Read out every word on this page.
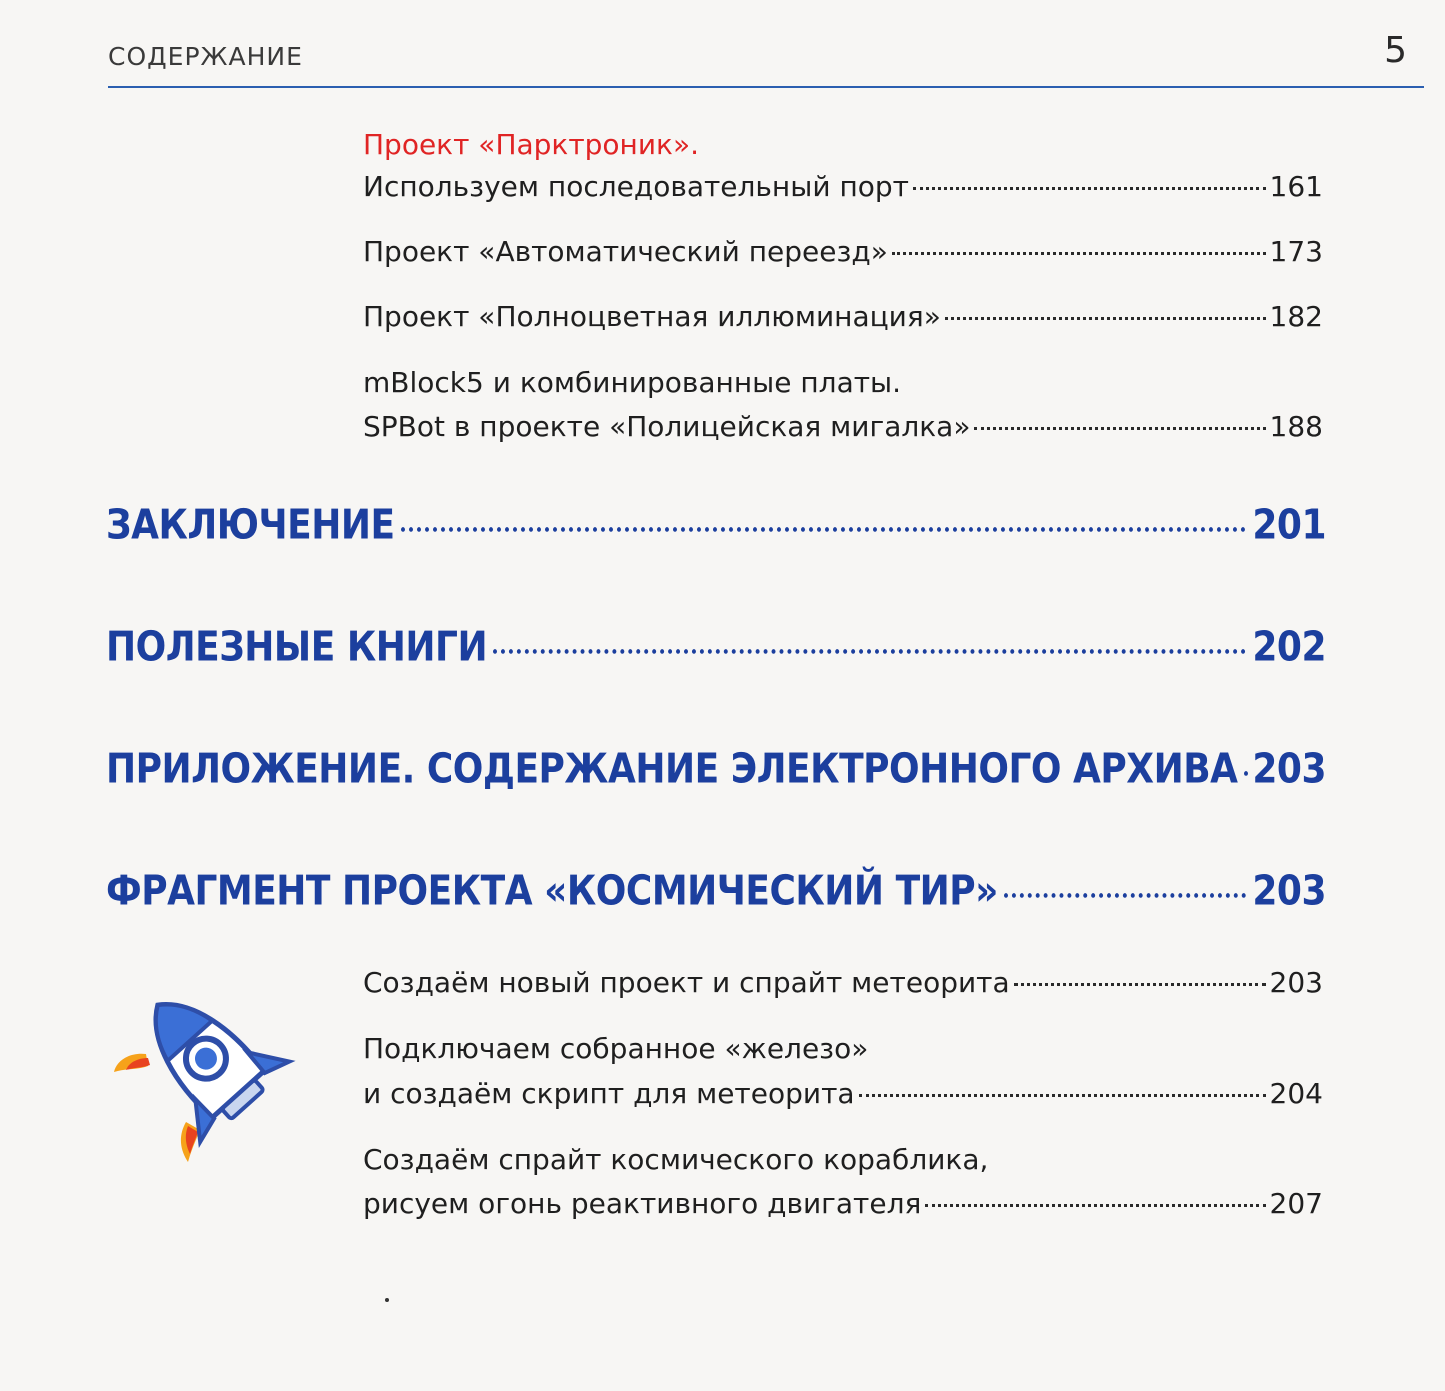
СОДЕРЖАНИЕ	5
Проект «Парктроник».
Используем последовательный порт	161
Проект «Автоматический переезд»	173
Проект «Полноцветная иллюминация»	182
mBlock5 и комбинированные платы.
SPBot в проекте «Полицейская мигалка»	188
ЗАКЛЮЧЕНИЕ	201
ПОЛЕЗНЫЕ КНИГИ	202
ПРИЛОЖЕНИЕ. СОДЕРЖАНИЕ ЭЛЕКТРОННОГО АРХИВА 203
ФРАГМЕНТ ПРОЕКТА «КОСМИЧЕСКИЙ ТИР»	203
Создаём новый проект и спрайт метеорита	203
Подключаем собранное «железо»
и создаём скрипт для метеорита	204
Создаём спрайт космического кораблика,
рисуем огонь реактивного двигателя	207
